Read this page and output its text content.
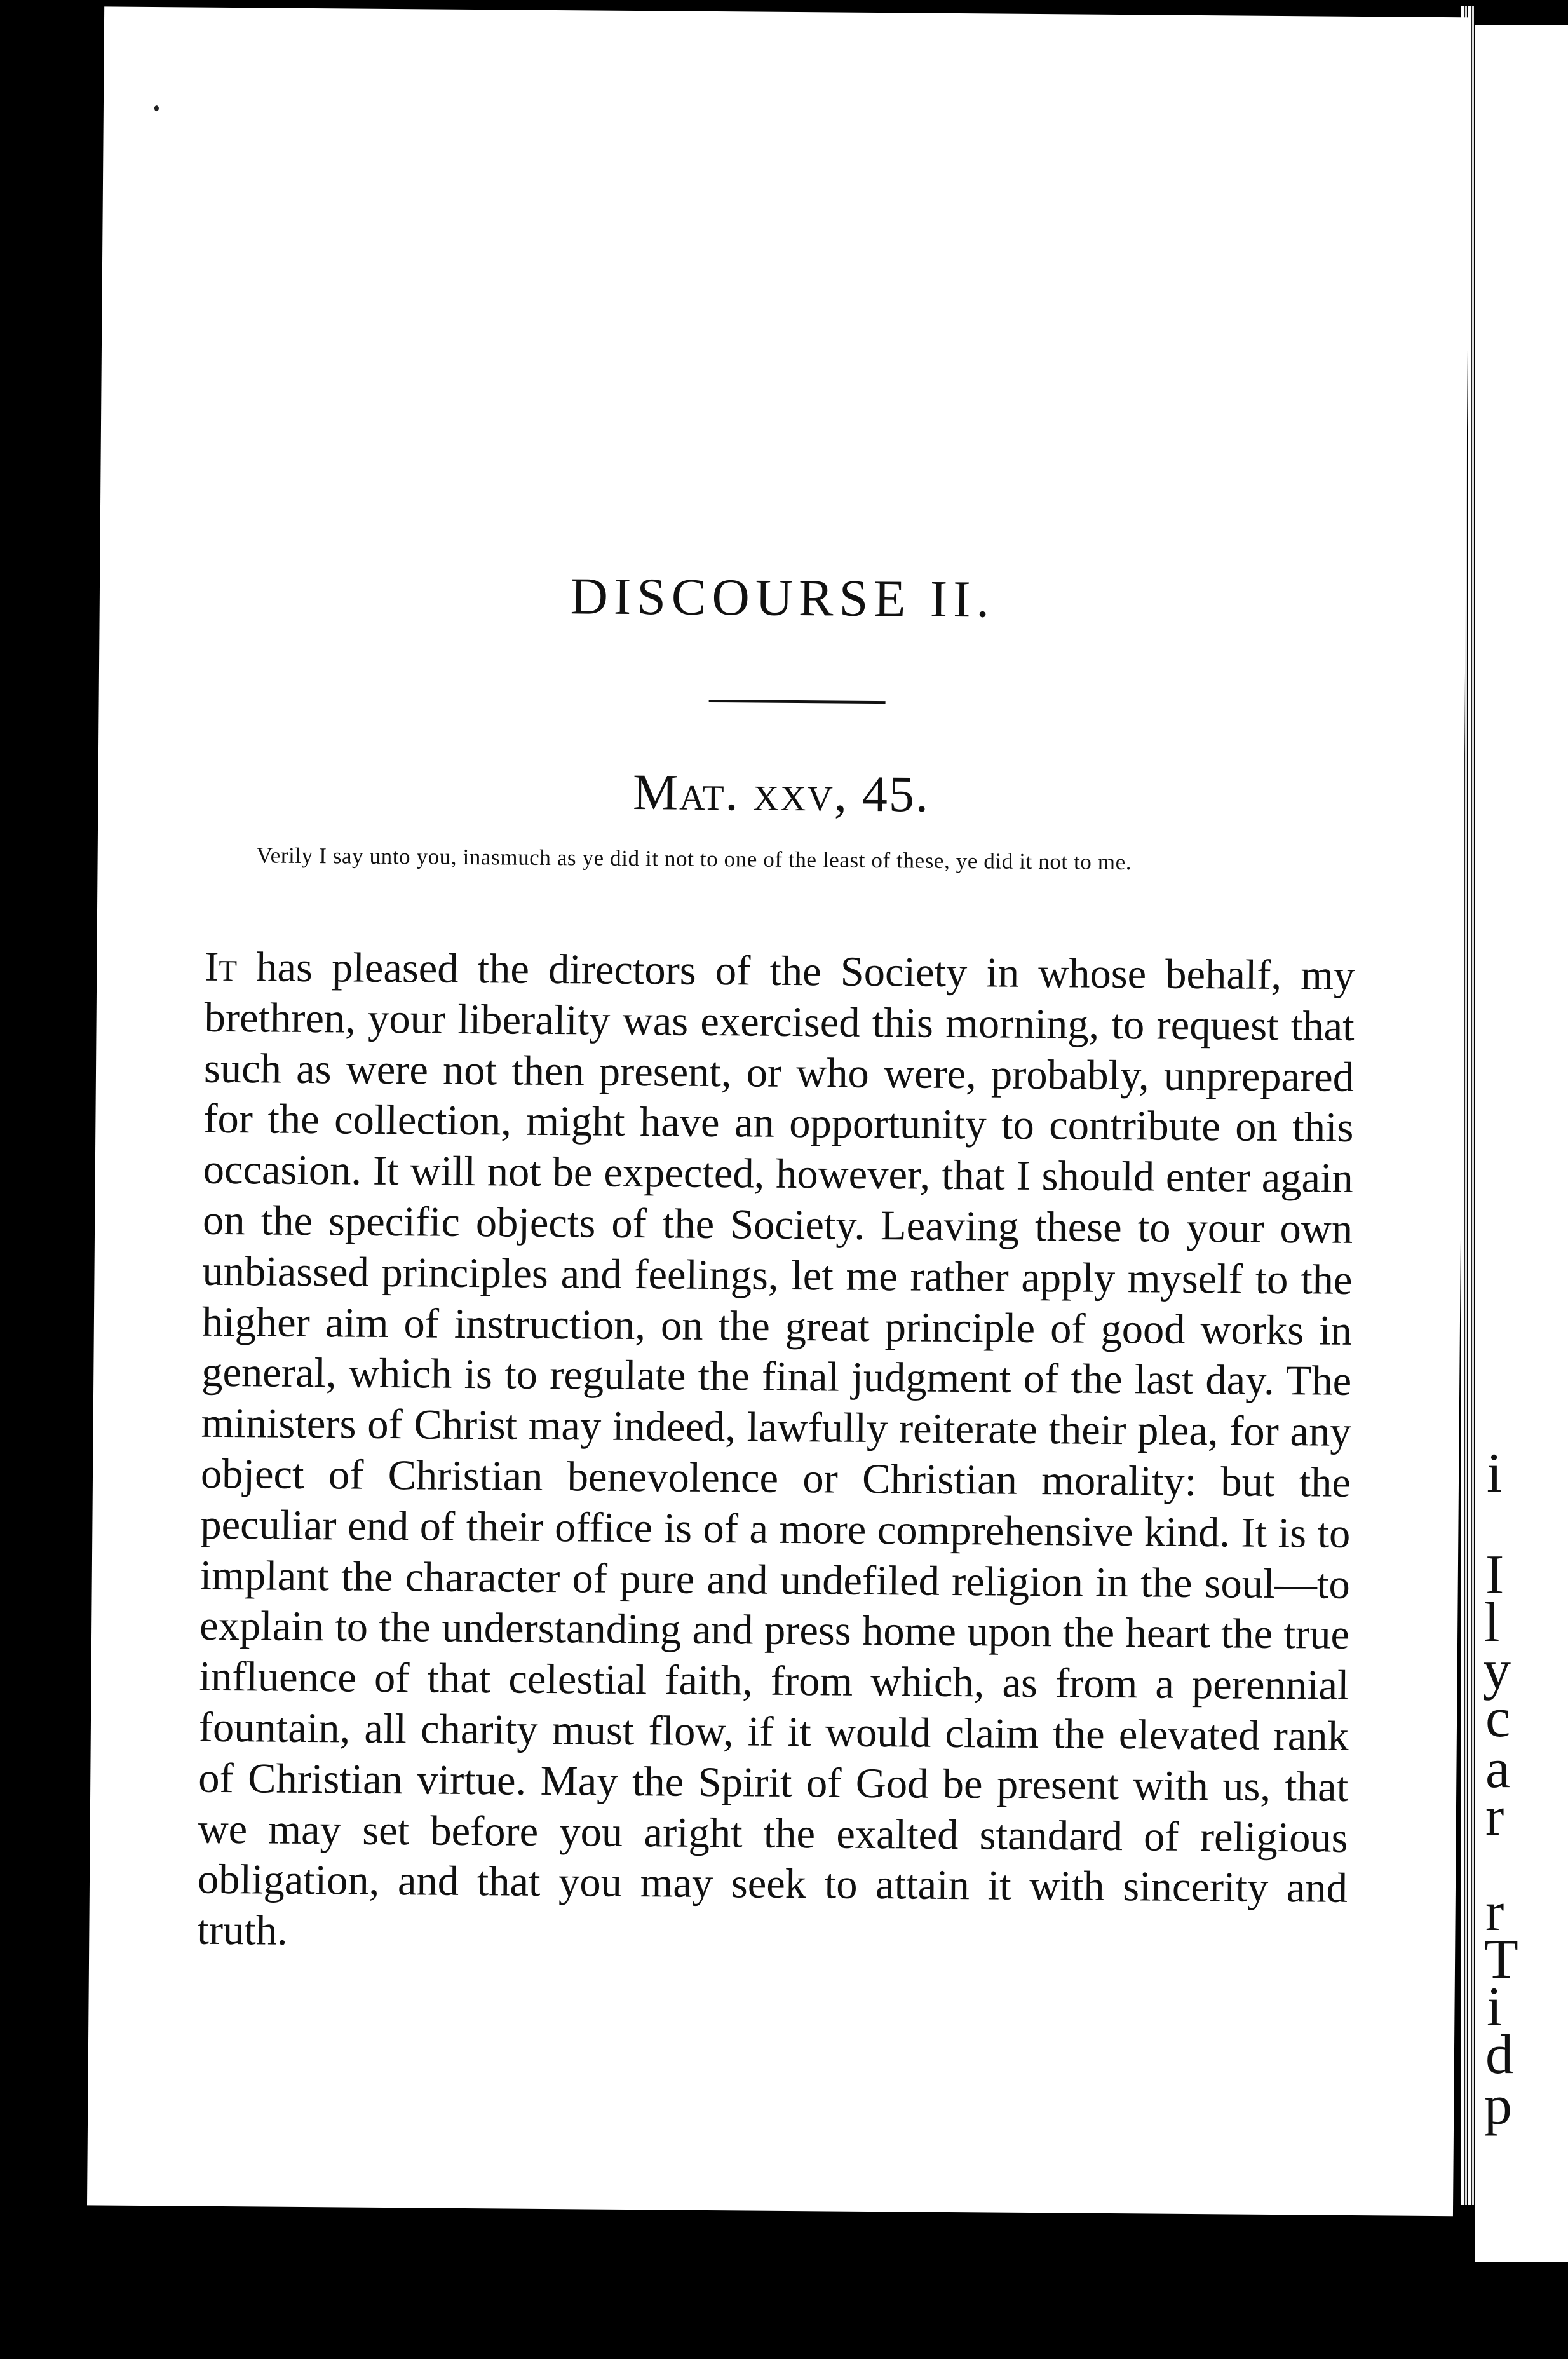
i
I
l
y
c
a
r
r
T
i
d
p
DISCOURSE II.
Mat. xxv, 45.
Verily I say unto you, inasmuch as ye did it not to one of the least of these, ye did it not to me.

It has pleased the directors of the Society in whose behalf, my brethren, your liberality was exercised this morning, to request that such as were not then present, or who were, probably, unprepared for the collection, might have an opportunity to contribute on this occasion. It will not be expected, however, that I should enter again on the specific objects of the Society. Leaving these to your own unbiassed principles and feelings, let me rather apply myself to the higher aim of instruction, on the great principle of good works in general, which is to regulate the final judgment of the last day. The ministers of Christ may indeed, lawfully reiterate their plea, for any object of Christian benevolence or Christian morality: but the peculiar end of their office is of a more comprehensive kind. It is to implant the character of pure and undefiled religion in the soul—to explain to the understanding and press home upon the heart the true influence of that celestial faith, from which, as from a perennial fountain, all charity must flow, if it would claim the elevated rank of Christian virtue. May the Spirit of God be present with us, that we may set before you aright the exalted standard of religious obligation, and that you may seek to attain it with sincerity and truth.
